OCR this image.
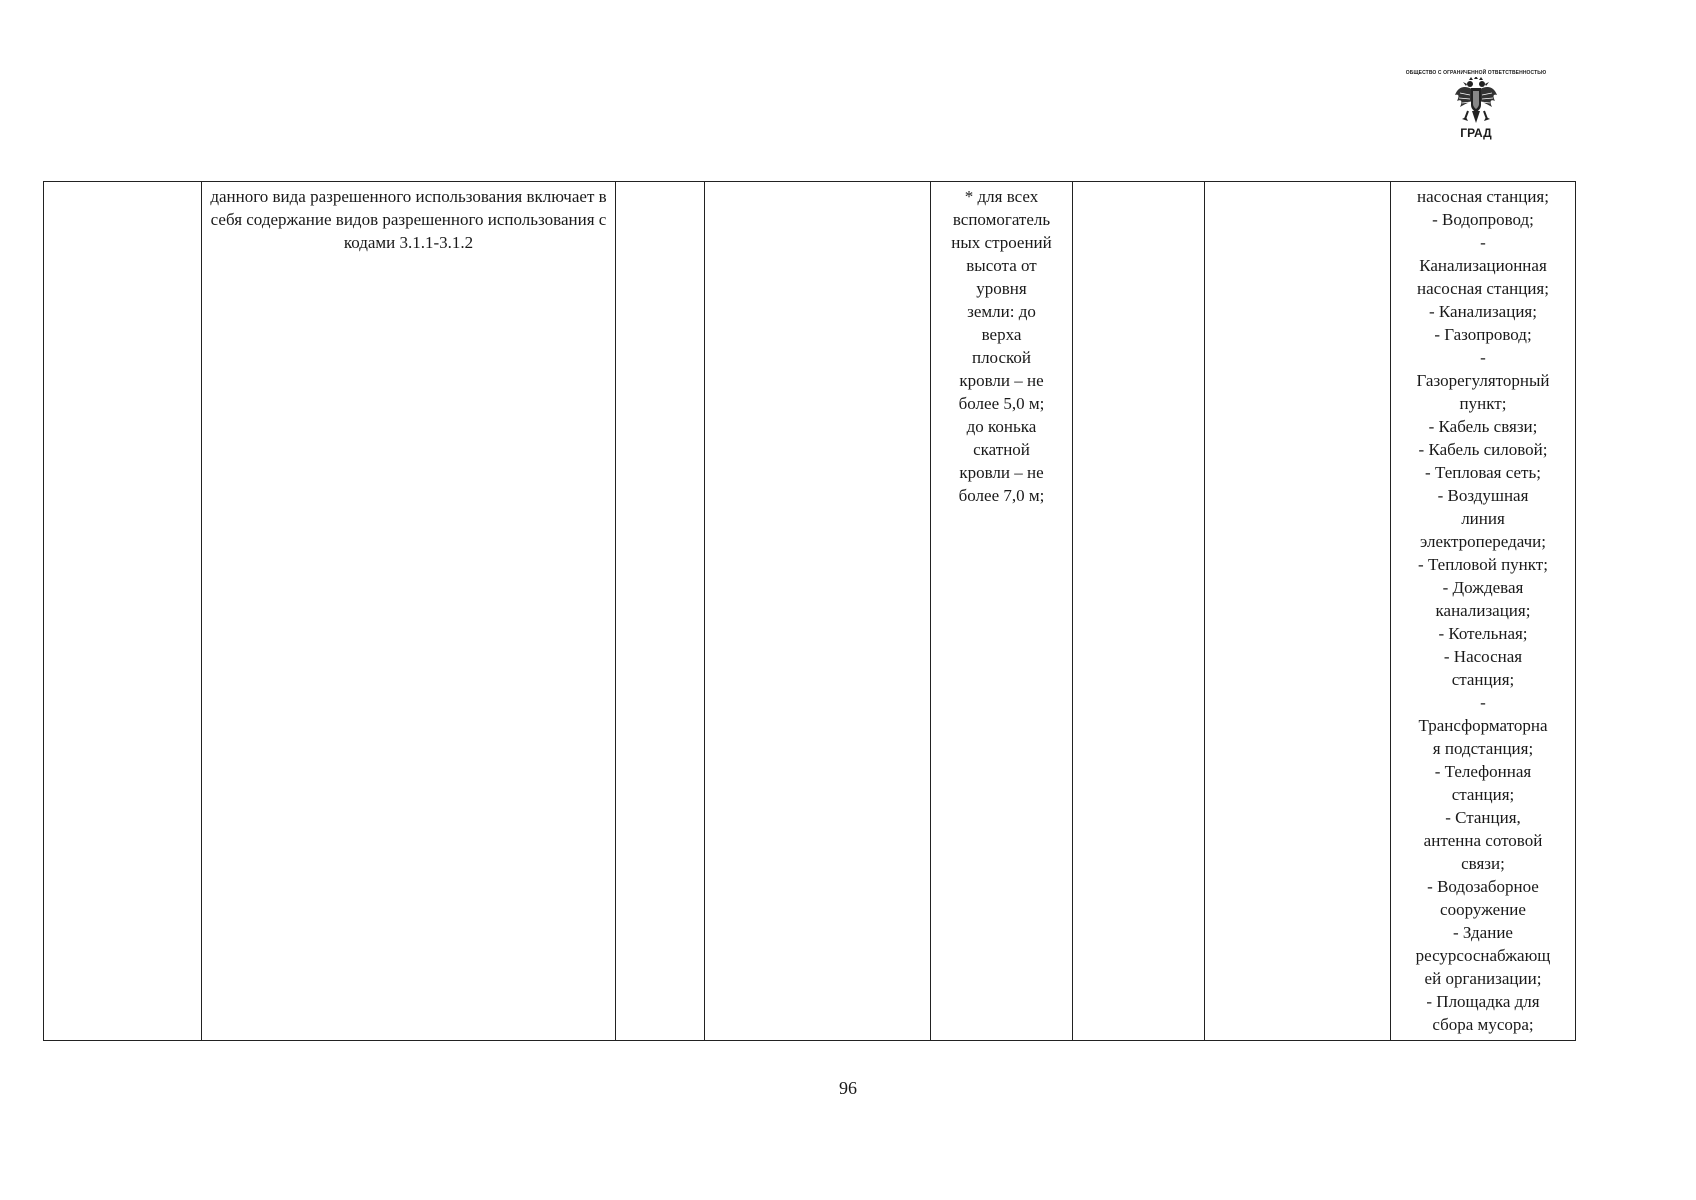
ОБЩЕСТВО С ОГРАНИЧЕННОЙ ОТВЕТСТВЕННОСТЬЮ
ГРАД
	данного вида разрешенного использования включает в себя содержание видов разрешенного использования с кодами 3.1.1-3.1.2			* для всех
вспомогатель
ных строений
высота от
уровня
земли: до
верха
плоской
кровли – не
более 5,0 м;
до конька
скатной
кровли – не
более 7,0 м;			насосная станция;
- Водопровод;
-
Канализационная
насосная станция;
- Канализация;
- Газопровод;
-
Газорегуляторный
пункт;
- Кабель связи;
- Кабель силовой;
- Тепловая сеть;
- Воздушная
линия
электропередачи;
- Тепловой пункт;
- Дождевая
канализация;
- Котельная;
- Насосная
станция;
-
Трансформаторна
я подстанция;
- Телефонная
станция;
- Станция,
антенна сотовой
связи;
- Водозаборное
сооружение
- Здание
ресурсоснабжающ
ей организации;
- Площадка для
сбора мусора;
96
